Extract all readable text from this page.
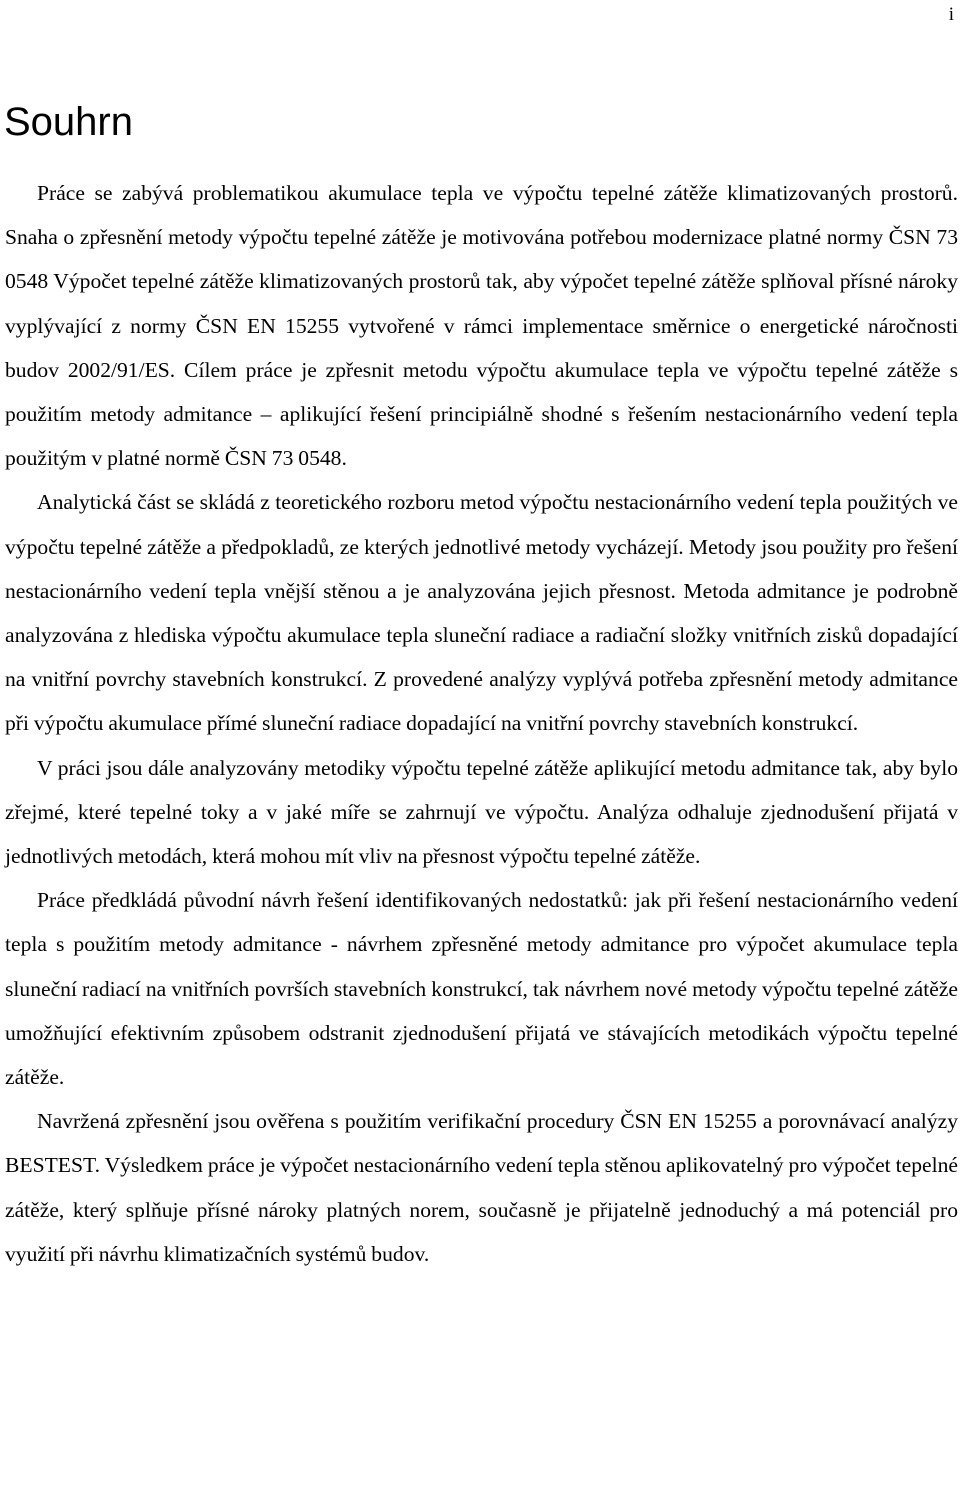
i
Souhrn

Práce se zabývá problematikou akumulace tepla ve výpočtu tepelné zátěže klimatizovaných prostorů. Snaha o zpřesnění metody výpočtu tepelné zátěže je motivována potřebou modernizace platné normy ČSN 73 0548 Výpočet tepelné zátěže klimatizovaných prostorů tak, aby výpočet tepelné zátěže splňoval přísné nároky vyplývající z normy ČSN EN 15255 vytvořené v rámci implementace směrnice o energetické náročnosti budov 2002/91/ES. Cílem práce je zpřesnit metodu výpočtu akumulace tepla ve výpočtu tepelné zátěže s použitím metody admitance – aplikující řešení principiálně shodné s řešením nestacionárního vedení tepla použitým v platné normě ČSN 73 0548.

Analytická část se skládá z teoretického rozboru metod výpočtu nestacionárního vedení tepla použitých ve výpočtu tepelné zátěže a předpokladů, ze kterých jednotlivé metody vycházejí. Metody jsou použity pro řešení nestacionárního vedení tepla vnější stěnou a je analyzována jejich přesnost. Metoda admitance je podrobně analyzována z hlediska výpočtu akumulace tepla sluneční radiace a radiační složky vnitřních zisků dopadající na vnitřní povrchy stavebních konstrukcí. Z provedené analýzy vyplývá potřeba zpřesnění metody admitance při výpočtu akumulace přímé sluneční radiace dopadající na vnitřní povrchy stavebních konstrukcí.

V práci jsou dále analyzovány metodiky výpočtu tepelné zátěže aplikující metodu admitance tak, aby bylo zřejmé, které tepelné toky a v jaké míře se zahrnují ve výpočtu. Analýza odhaluje zjednodušení přijatá v jednotlivých metodách, která mohou mít vliv na přesnost výpočtu tepelné zátěže.

Práce předkládá původní návrh řešení identifikovaných nedostatků: jak při řešení nestacionárního vedení tepla s použitím metody admitance - návrhem zpřesněné metody admitance pro výpočet akumulace tepla sluneční radiací na vnitřních površích stavebních konstrukcí, tak návrhem nové metody výpočtu tepelné zátěže umožňující efektivním způsobem odstranit zjednodušení přijatá ve stávajících metodikách výpočtu tepelné zátěže.

Navržená zpřesnění jsou ověřena s použitím verifikační procedury ČSN EN 15255 a porovnávací analýzy BESTEST. Výsledkem práce je výpočet nestacionárního vedení tepla stěnou aplikovatelný pro výpočet tepelné zátěže, který splňuje přísné nároky platných norem, současně je přijatelně jednoduchý a má potenciál pro využití při návrhu klimatizačních systémů budov.
